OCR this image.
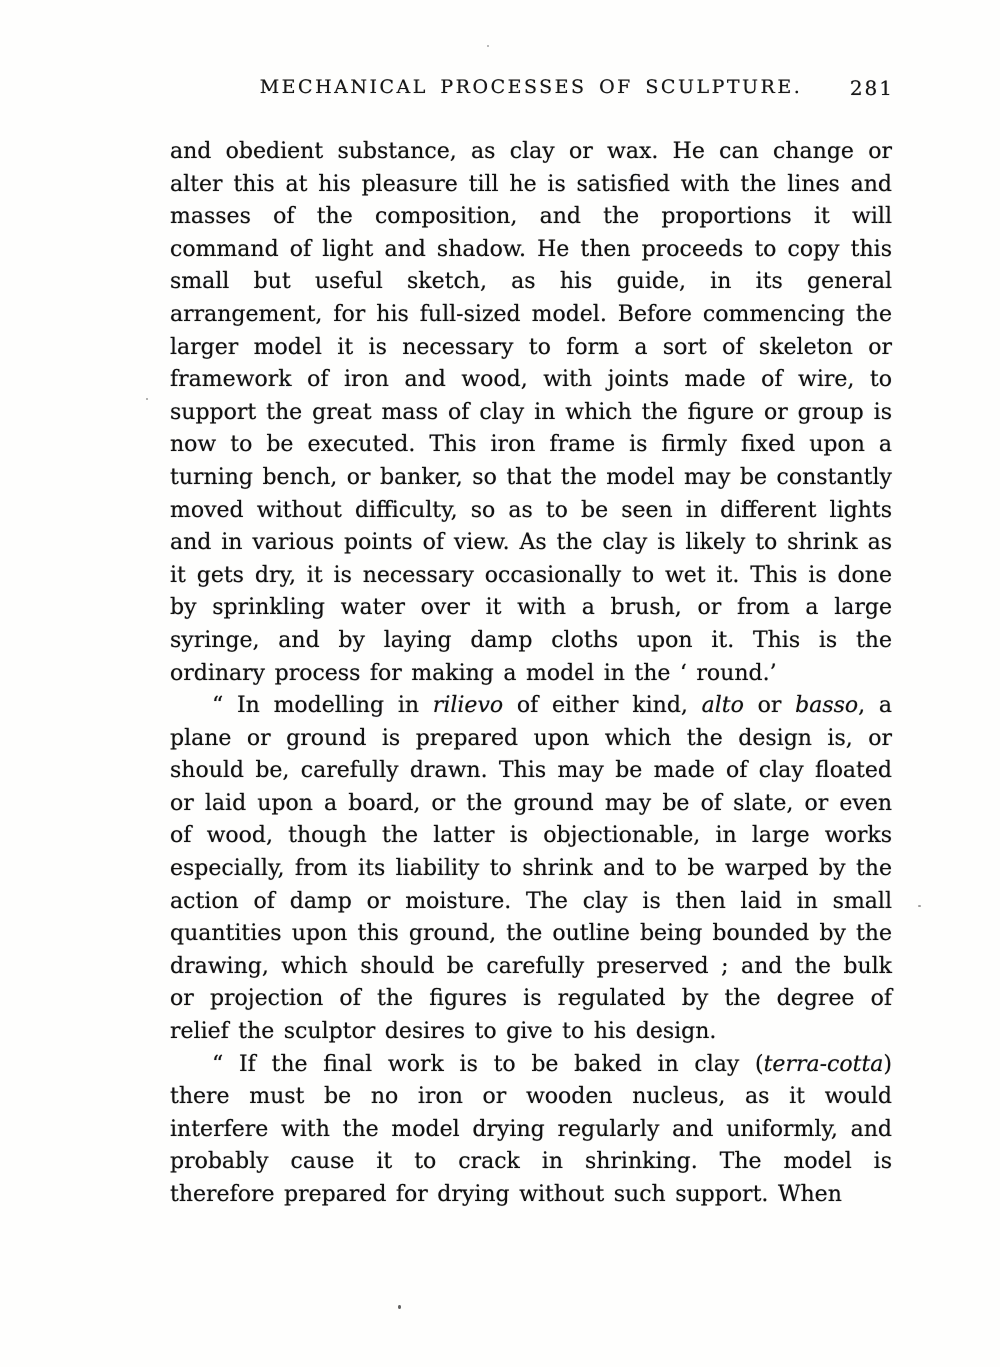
MECHANICAL PROCESSES OF SCULPTURE.	281

and obedient substance, as clay or wax. He can change or alter this at his pleasure till he is satisfied with the lines and masses of the composition, and the proportions it will command of light and shadow. He then proceeds to copy this small but useful sketch, as his guide, in its general arrangement, for his full-sized model. Before commencing the larger model it is necessary to form a sort of skeleton or framework of iron and wood, with joints made of wire, to support the great mass of clay in which the figure or group is now to be executed. This iron frame is firmly fixed upon a turning bench, or banker, so that the model may be constantly moved without difficulty, so as to be seen in different lights and in various points of view. As the clay is likely to shrink as it gets dry, it is necessary occasionally to wet it. This is done by sprinkling water over it with a brush, or from a large syringe, and by laying damp cloths upon it. This is the ordinary process for making a model in the ‘ round.’

“ In modelling in rilievo of either kind, alto or basso, a plane or ground is prepared upon which the design is, or should be, carefully drawn. This may be made of clay floated or laid upon a board, or the ground may be of slate, or even of wood, though the latter is objectionable, in large works especially, from its liability to shrink and to be warped by the action of damp or moisture. The clay is then laid in small quantities upon this ground, the outline being bounded by the drawing, which should be carefully preserved ; and the bulk or projection of the figures is regulated by the degree of relief the sculptor desires to give to his design.

“ If the final work is to be baked in clay (terra-cotta) there must be no iron or wooden nucleus, as it would interfere with the model drying regularly and uniformly, and probably cause it to crack in shrinking. The model is therefore prepared for drying without such support. When
